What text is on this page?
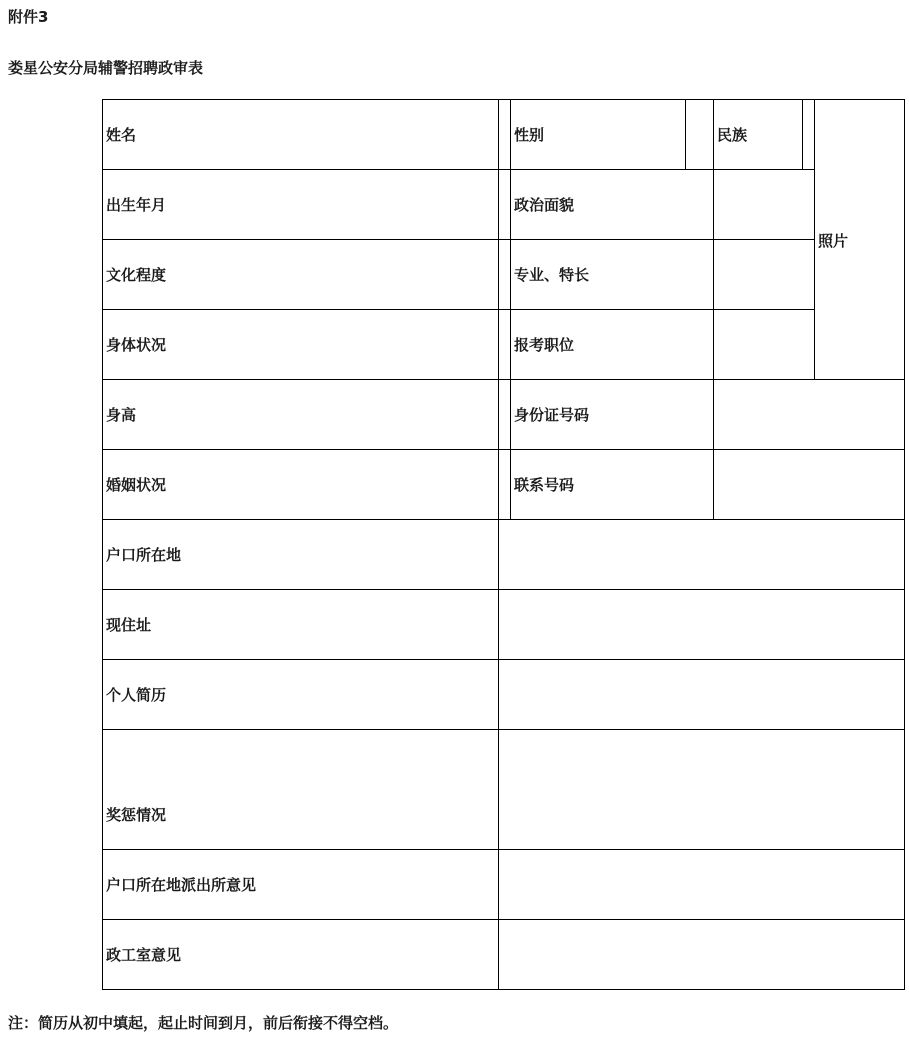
附件3
娄星公安分局辅警招聘政审表
姓名	性别	民族
照片
出生年月	政治面貌
文化程度	专业、特长
身体状况	报考职位
身高	身份证号码
婚姻状况	联系号码
户口所在地
现住址
个人简历
奖惩情况
户口所在地派出所意见
政工室意见
注：简历从初中填起，起止时间到月，前后衔接不得空档。
